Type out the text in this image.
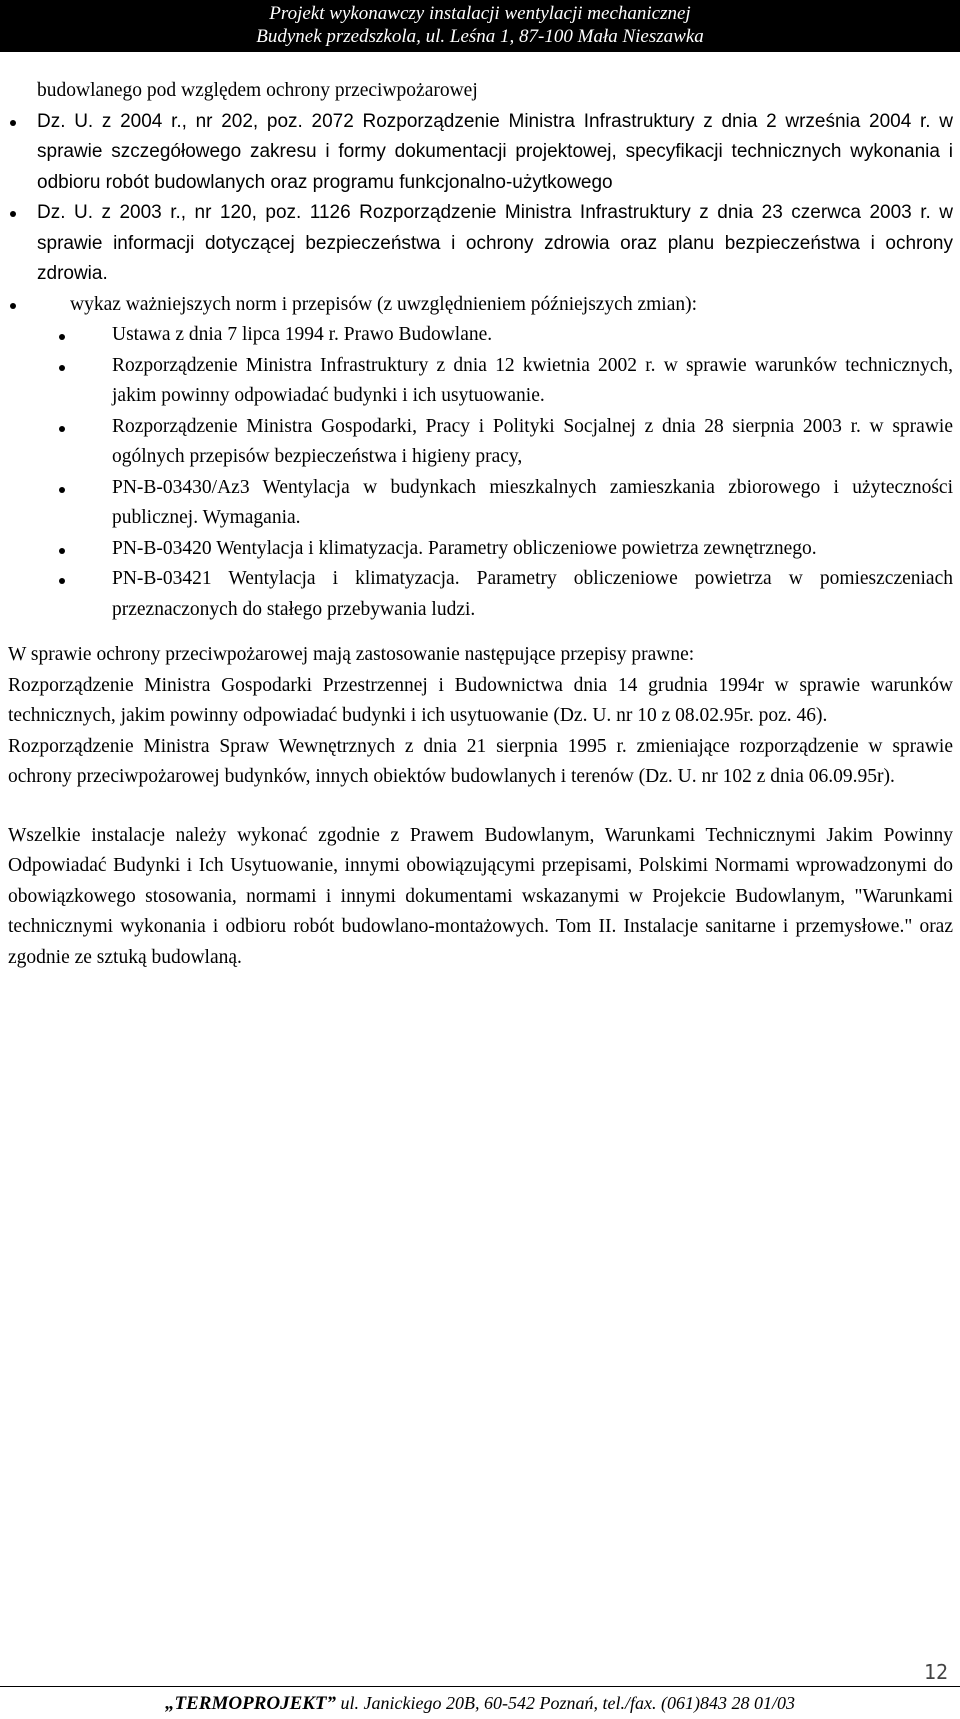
Projekt wykonawczy instalacji wentylacji mechanicznej
Budynek przedszkola, ul. Leśna 1, 87-100 Mała Nieszawka
budowlanego pod względem ochrony przeciwpożarowej
Dz. U. z 2004 r., nr 202, poz. 2072 Rozporządzenie Ministra Infrastruktury z dnia 2 września 2004 r. w sprawie szczegółowego zakresu i formy dokumentacji projektowej, specyfikacji technicznych wykonania i odbioru robót budowlanych oraz programu funkcjonalno-użytkowego
Dz. U. z 2003 r., nr 120, poz. 1126 Rozporządzenie Ministra Infrastruktury z dnia 23 czerwca 2003 r. w sprawie informacji dotyczącej bezpieczeństwa i ochrony zdrowia oraz planu bezpieczeństwa i ochrony zdrowia.
wykaz ważniejszych norm i przepisów (z uwzględnieniem późniejszych zmian):
Ustawa z dnia 7 lipca 1994 r. Prawo Budowlane.
Rozporządzenie Ministra Infrastruktury z dnia 12 kwietnia 2002 r. w sprawie warunków technicznych, jakim powinny odpowiadać budynki i ich usytuowanie.
Rozporządzenie Ministra Gospodarki, Pracy i Polityki Socjalnej z dnia 28 sierpnia 2003 r. w sprawie ogólnych przepisów bezpieczeństwa i higieny pracy,
PN-B-03430/Az3 Wentylacja w budynkach mieszkalnych zamieszkania zbiorowego i użyteczności publicznej. Wymagania.
PN-B-03420 Wentylacja i klimatyzacja. Parametry obliczeniowe powietrza zewnętrznego.
PN-B-03421 Wentylacja i klimatyzacja. Parametry obliczeniowe powietrza w pomieszczeniach przeznaczonych do stałego przebywania ludzi.
W sprawie ochrony przeciwpożarowej mają zastosowanie następujące przepisy prawne:
Rozporządzenie Ministra Gospodarki Przestrzennej i Budownictwa dnia 14 grudnia 1994r w sprawie warunków technicznych, jakim powinny odpowiadać budynki i ich usytuowanie (Dz. U. nr 10 z 08.02.95r. poz. 46).
Rozporządzenie Ministra Spraw Wewnętrznych z dnia 21 sierpnia 1995 r. zmieniające rozporządzenie w sprawie ochrony przeciwpożarowej budynków, innych obiektów budowlanych i terenów (Dz. U. nr 102 z dnia 06.09.95r).
Wszelkie instalacje należy wykonać zgodnie z Prawem Budowlanym, Warunkami Technicznymi Jakim Powinny Odpowiadać Budynki i Ich Usytuowanie, innymi obowiązującymi przepisami, Polskimi Normami wprowadzonymi do obowiązkowego stosowania, normami i innymi dokumentami wskazanymi w Projekcie Budowlanym, "Warunkami technicznymi wykonania i odbioru robót budowlano-montażowych. Tom II. Instalacje sanitarne i przemysłowe." oraz zgodnie ze sztuką budowlaną.
12
„TERMOPROJEKT” ul. Janickiego 20B, 60-542 Poznań, tel./fax. (061)843 28 01/03
